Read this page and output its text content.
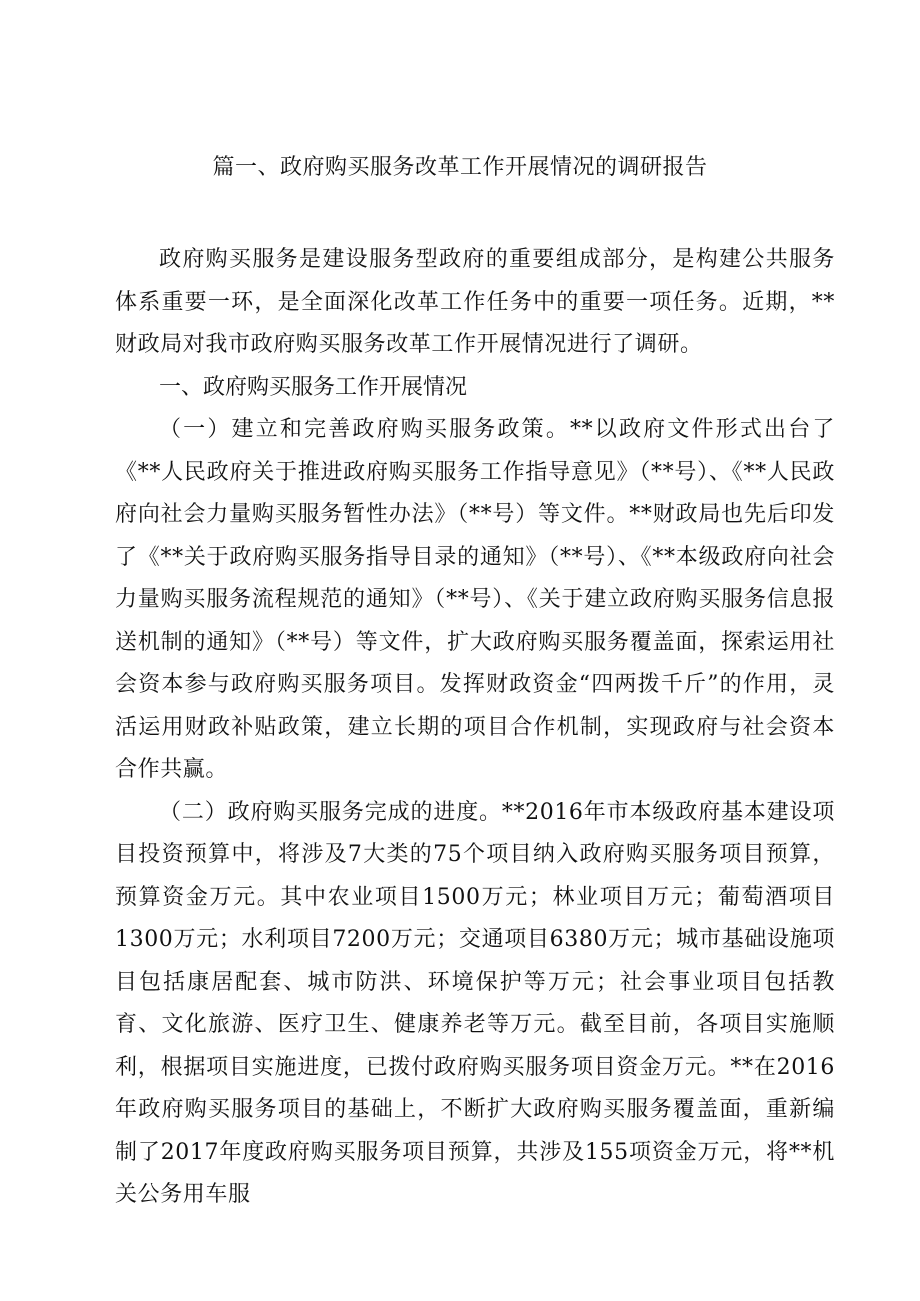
篇一、政府购买服务改革工作开展情况的调研报告

政府购买服务是建设服务型政府的重要组成部分，是构建公共服务体系重要一环，是全面深化改革工作任务中的重要一项任务。近期，**财政局对我市政府购买服务改革工作开展情况进行了调研。

一、政府购买服务工作开展情况

（一）建立和完善政府购买服务政策。**以政府文件形式出台了《**人民政府关于推进政府购买服务工作指导意见》（**号）、《**人民政府向社会力量购买服务暂性办法》（**号）等文件。**财政局也先后印发了《**关于政府购买服务指导目录的通知》（**号）、《**本级政府向社会力量购买服务流程规范的通知》（**号）、《关于建立政府购买服务信息报送机制的通知》（**号）等文件，扩大政府购买服务覆盖面，探索运用社会资本参与政府购买服务项目。发挥财政资金“四两拨千斤”的作用，灵活运用财政补贴政策，建立长期的项目合作机制，实现政府与社会资本合作共赢。

（二）政府购买服务完成的进度。**2016年市本级政府基本建设项目投资预算中，将涉及7大类的75个项目纳入政府购买服务项目预算，预算资金万元。其中农业项目1500万元；林业项目万元；葡萄酒项目1300万元；水利项目7200万元；交通项目6380万元；城市基础设施项目包括康居配套、城市防洪、环境保护等万元；社会事业项目包括教育、文化旅游、医疗卫生、健康养老等万元。截至目前，各项目实施顺利，根据项目实施进度，已拨付政府购买服务项目资金万元。**在2016年政府购买服务项目的基础上，不断扩大政府购买服务覆盖面，重新编制了2017年度政府购买服务项目预算，共涉及155项资金万元，将**机关公务用车服
